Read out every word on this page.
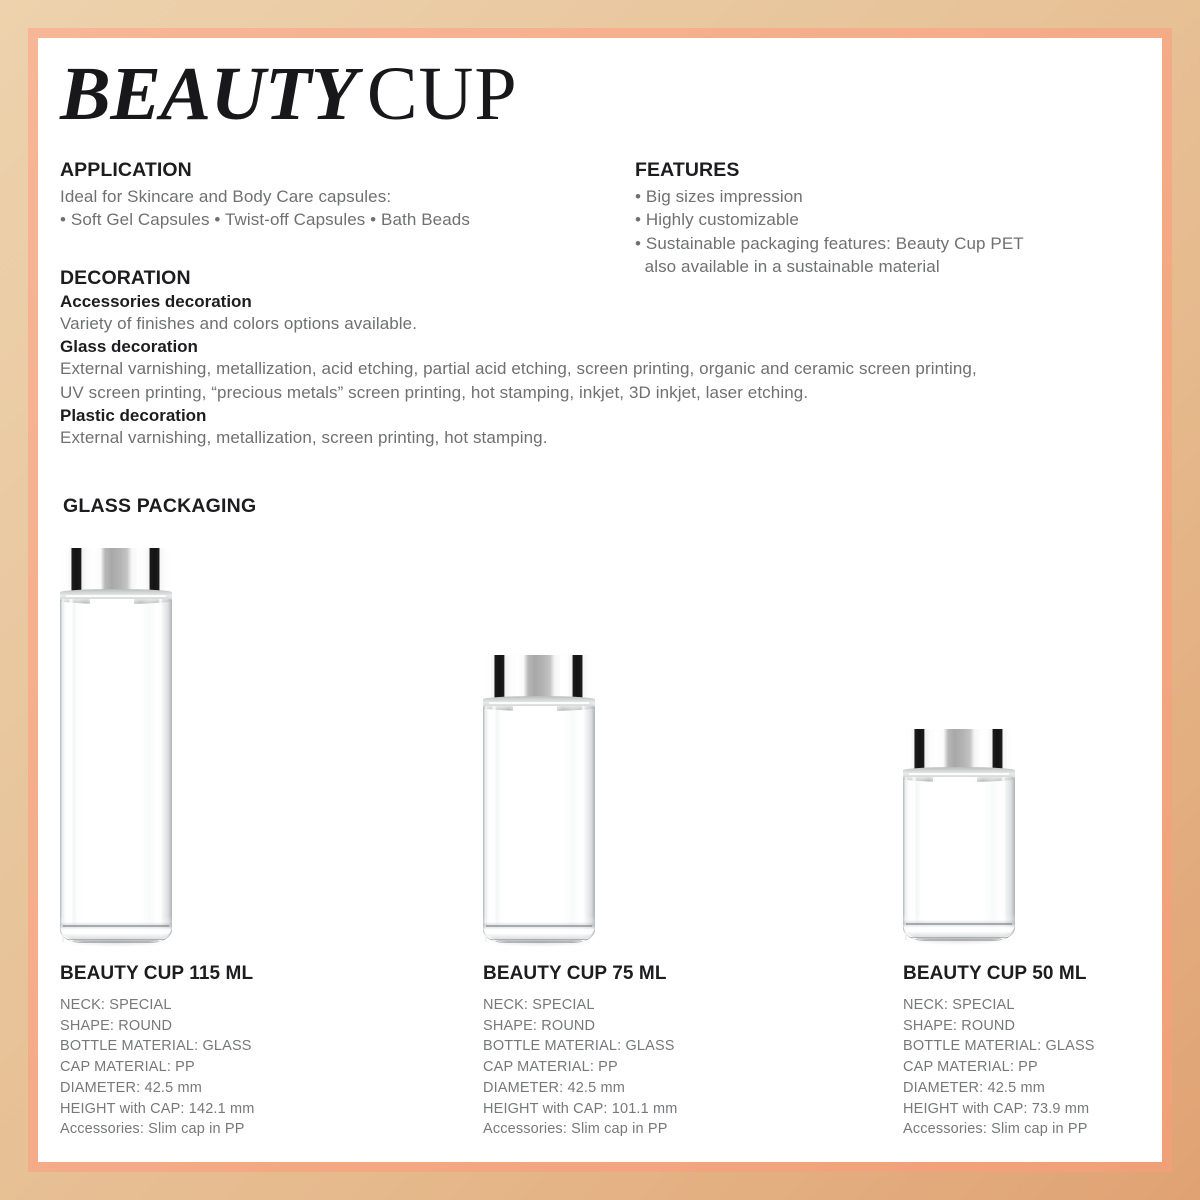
BEAUTY CUP
APPLICATION
Ideal for Skincare and Body Care capsules:
• Soft Gel Capsules • Twist-off Capsules • Bath Beads
FEATURES
• Big sizes impression
• Highly customizable
• Sustainable packaging features: Beauty Cup PET
also available in a sustainable material
DECORATION
Accessories decoration
Variety of finishes and colors options available.
Glass decoration
External varnishing, metallization, acid etching, partial acid etching, screen printing, organic and ceramic screen printing,
UV screen printing, “precious metals” screen printing, hot stamping, inkjet, 3D inkjet, laser etching.
Plastic decoration
External varnishing, metallization, screen printing, hot stamping.
GLASS PACKAGING
BEAUTY CUP 115 ML
NECK: SPECIAL
SHAPE: ROUND
BOTTLE MATERIAL: GLASS
CAP MATERIAL: PP
DIAMETER: 42.5 mm
HEIGHT with CAP: 142.1 mm
Accessories: Slim cap in PP
BEAUTY CUP 75 ML
NECK: SPECIAL
SHAPE: ROUND
BOTTLE MATERIAL: GLASS
CAP MATERIAL: PP
DIAMETER: 42.5 mm
HEIGHT with CAP: 101.1 mm
Accessories: Slim cap in PP
BEAUTY CUP 50 ML
NECK: SPECIAL
SHAPE: ROUND
BOTTLE MATERIAL: GLASS
CAP MATERIAL: PP
DIAMETER: 42.5 mm
HEIGHT with CAP: 73.9 mm
Accessories: Slim cap in PP
